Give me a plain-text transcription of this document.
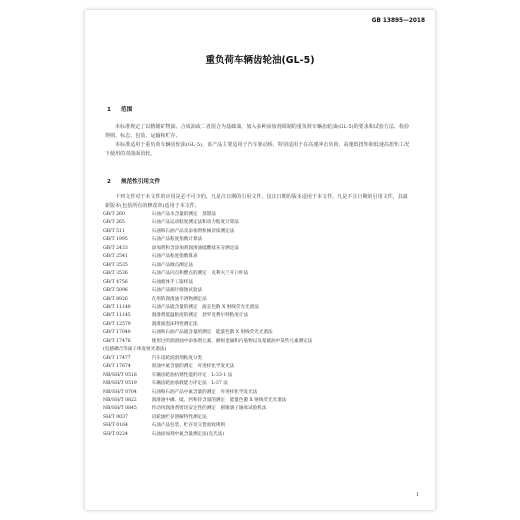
GB 13895—2018
重负荷车辆齿轮油(GL-5)
1 范围

本标准规定了以精制矿物油、合成油或二者混合为基础油，加入多种添加剂调制的重负荷车辆齿轮油(GL-5)的要求和试验方法、检验规则、标志、包装、运输和贮存。

本标准适用于重负荷车辆齿轮油(GL-5)，该产品主要适用于汽车驱动桥，特别适用于在高速冲击负荷、高速低扭矩和低速高扭矩工况下使用的双曲面齿轮。

2 规范性引用文件

下列文件对于本文件的应用是必不可少的。凡是注日期的引用文件，仅注日期的版本适用于本文件。凡是不注日期的引用文件，其最新版本(包括所有的修改单)适用于本文件。

GB/T 260　	石油产品水含量的测定　蒸馏法
GB/T 265　	石油产品运动粘度测定法和动力粘度计算法
GB/T 511　	石油和石油产品及添加剂机械杂质测定法
GB/T 1995　	石油产品粘度指数计算法
GB/T 2433　	添加剂和含添加剂润滑油硫酸盐灰分测定法
GB/T 2541　	石油产品粘度指数算表
GB/T 3535　	石油产品倾点测定法
GB/T 3536　	石油产品闪点和燃点的测定　克利夫兰开口杯法
GB/T 4756　	石油液体手工取样法
GB/T 5096　	石油产品铜片腐蚀试验法
GB/T 8926　	在用的润滑油不溶物测定法
GB/T 11140　	石油产品硫含量的测定　波长色散 X 射线荧光光谱法
GB/T 11145　	润滑剂低温粘度的测定　勃罗克费尔特粘度计法
GB/T 12579　	润滑油泡沫特性测定法
GB/T 17040　	石油和石油产品硫含量的测定　能量色散 X 射线荧光光谱法
GB/T 17476　	使用过的润滑油中添加剂元素、磨损金属和污染物以及基础油中某些元素测定法
(电感耦合等离子体发射光谱法)
GB/T 17477　	汽车齿轮润滑剂粘度分类
GB/T 17674　	原油中氮含量的测定　舟进样化学发光法
NB/SH/T 0518　	车辆齿轮油抗锈性能的评定　L-33-1 法
NB/SH/T 0519　	车辆齿轮油承载能力评定法　L-37 法
NB/SH/T 0704　	石油和石油产品中氮含量的测定　舟进样化学发光法
NB/SH/T 0822　	润滑油中磷、硫、钙和锌含量的测定　能量色散 X 射线荧光光谱法
NB/SH/T 0845　	传动用润滑剂剪切安定性的测定　圆锥滚子轴承试验机法
SH/T 0037　	齿轮油贮存溶解特性测定法
SH/T 0164　	石油产品包装、贮存及交货验收规则
SH/T 0224　	石油添加剂中氮含量测定法(克氏法)
1
